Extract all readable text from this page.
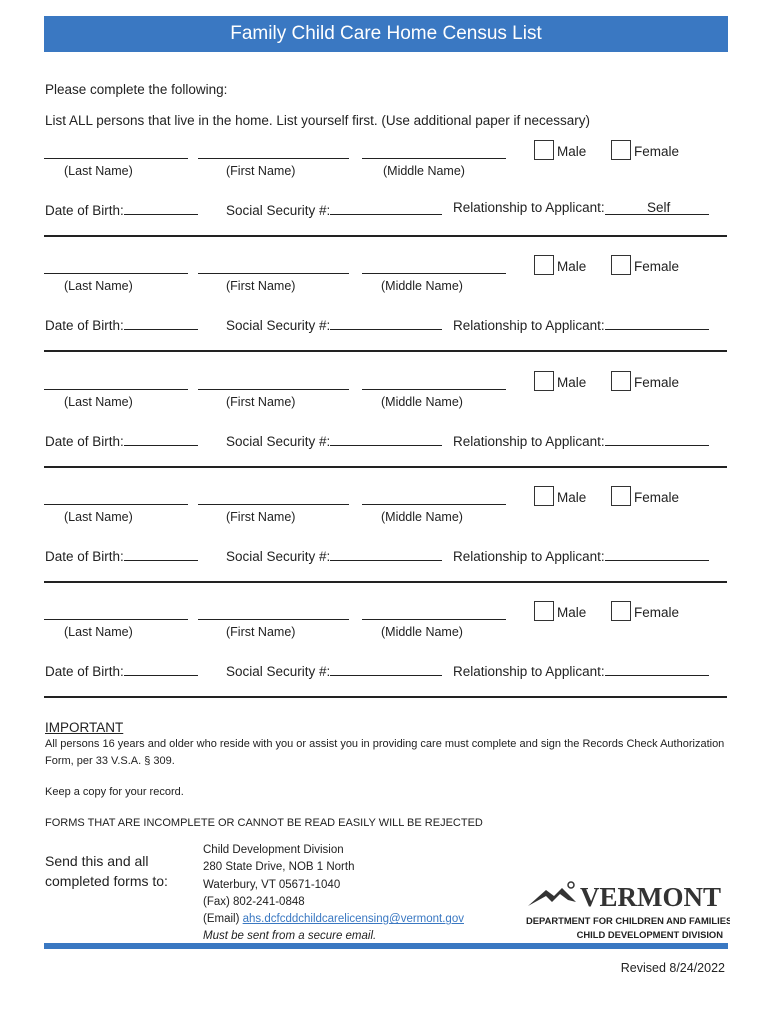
Family Child Care Home Census List
Please complete the following:
List ALL persons that live in the home. List yourself first. (Use additional paper if necessary)
Male	Female
(Last Name)	(First Name)	(Middle Name)
Date of Birth:	Social Security #:	Relationship to Applicant:	Self
Male	Female
(Last Name)	(First Name)	(Middle Name)
Date of Birth:	Social Security #:	Relationship to Applicant:
Male	Female
(Last Name)	(First Name)	(Middle Name)
Date of Birth:	Social Security #:	Relationship to Applicant:
Male	Female
(Last Name)	(First Name)	(Middle Name)
Date of Birth:	Social Security #:	Relationship to Applicant:
Male	Female
(Last Name)	(First Name)	(Middle Name)
Date of Birth:	Social Security #:	Relationship to Applicant:
IMPORTANT
All persons 16 years and older who reside with you or assist you in providing care must complete and sign the Records Check Authorization Form, per 33 V.S.A. § 309.
Keep a copy for your record.
FORMS THAT ARE INCOMPLETE OR CANNOT BE READ EASILY WILL BE REJECTED
Send this and all
completed forms to:
Child Development Division
280 State Drive, NOB 1 North
Waterbury, VT 05671-1040
(Fax) 802-241-0848
(Email) ahs.dcfcddchildcarelicensing@vermont.gov
Must be sent from a secure email.
VERMONT
DEPARTMENT FOR CHILDREN AND FAMILIES
CHILD DEVELOPMENT DIVISION
Revised 8/24/2022
